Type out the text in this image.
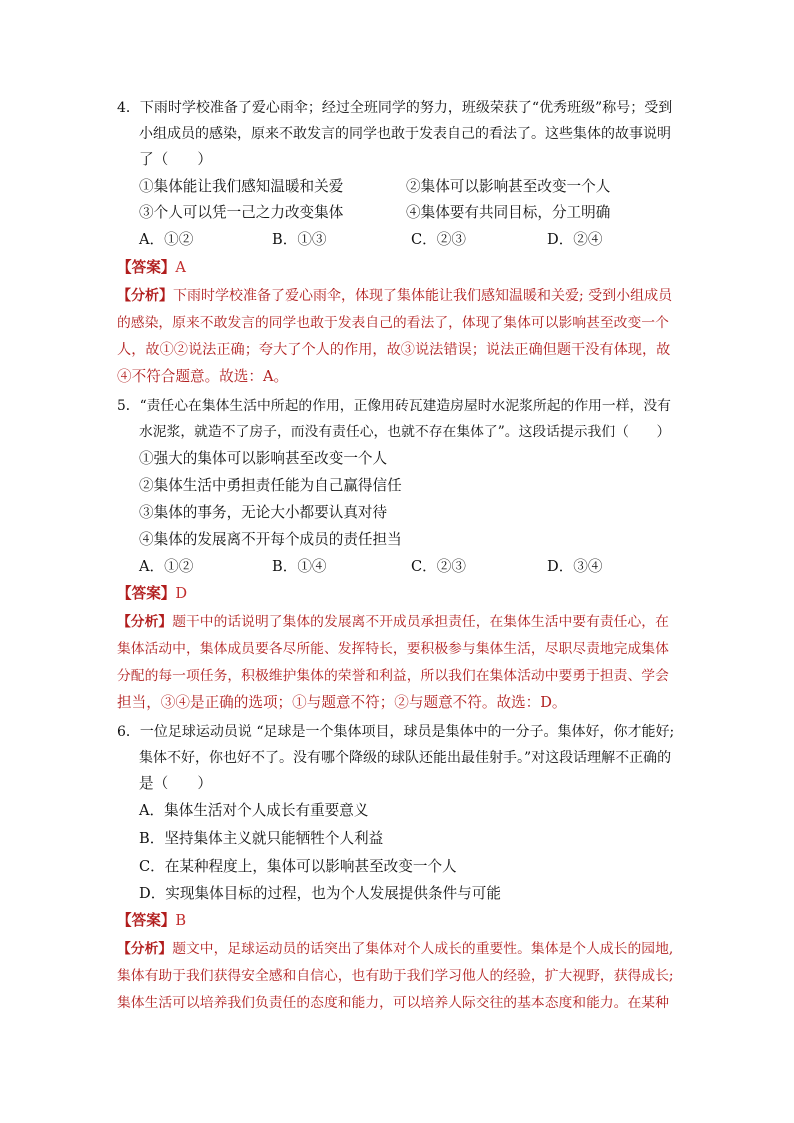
4．下雨时学校准备了爱心雨伞；经过全班同学的努力，班级荣获了“优秀班级”称号；受到
小组成员的感染，原来不敢发言的同学也敢于发表自己的看法了。这些集体的故事说明
了（　　）
①集体能让我们感知温暖和关爱	②集体可以影响甚至改变一个人
③个人可以凭一己之力改变集体	④集体要有共同目标，分工明确
A．①②	B．①③	C．②③	D．②④
【答案】A
【分析】下雨时学校准备了爱心雨伞，体现了集体能让我们感知温暖和关爱; 受到小组成员
的感染，原来不敢发言的同学也敢于发表自己的看法了，体现了集体可以影响甚至改变一个
人，故①②说法正确；夸大了个人的作用，故③说法错误；说法正确但题干没有体现，故
④不符合题意。故选：A。
5．“责任心在集体生活中所起的作用，正像用砖瓦建造房屋时水泥浆所起的作用一样，没有
水泥浆，就造不了房子，而没有责任心，也就不存在集体了”。这段话提示我们（　　）
①强大的集体可以影响甚至改变一个人
②集体生活中勇担责任能为自己赢得信任
③集体的事务，无论大小都要认真对待
④集体的发展离不开每个成员的责任担当
A．①②	B．①④	C．②③	D．③④
【答案】D
【分析】题干中的话说明了集体的发展离不开成员承担责任，在集体生活中要有责任心，在
集体活动中，集体成员要各尽所能、发挥特长，要积极参与集体生活，尽职尽责地完成集体
分配的每一项任务，积极维护集体的荣誉和利益，所以我们在集体活动中要勇于担责、学会
担当，③④是正确的选项；①与题意不符；②与题意不符。故选：D。
6．一位足球运动员说 “足球是一个集体项目，球员是集体中的一分子。集体好，你才能好;
集体不好，你也好不了。没有哪个降级的球队还能出最佳射手。”对这段话理解不正确的
是（　　）
A．集体生活对个人成长有重要意义
B．坚持集体主义就只能牺牲个人利益
C．在某种程度上，集体可以影响甚至改变一个人
D．实现集体目标的过程，也为个人发展提供条件与可能
【答案】B
【分析】题文中，足球运动员的话突出了集体对个人成长的重要性。集体是个人成长的园地,
集体有助于我们获得安全感和自信心，也有助于我们学习他人的经验，扩大视野，获得成长;
集体生活可以培养我们负责任的态度和能力，可以培养人际交往的基本态度和能力。在某种
